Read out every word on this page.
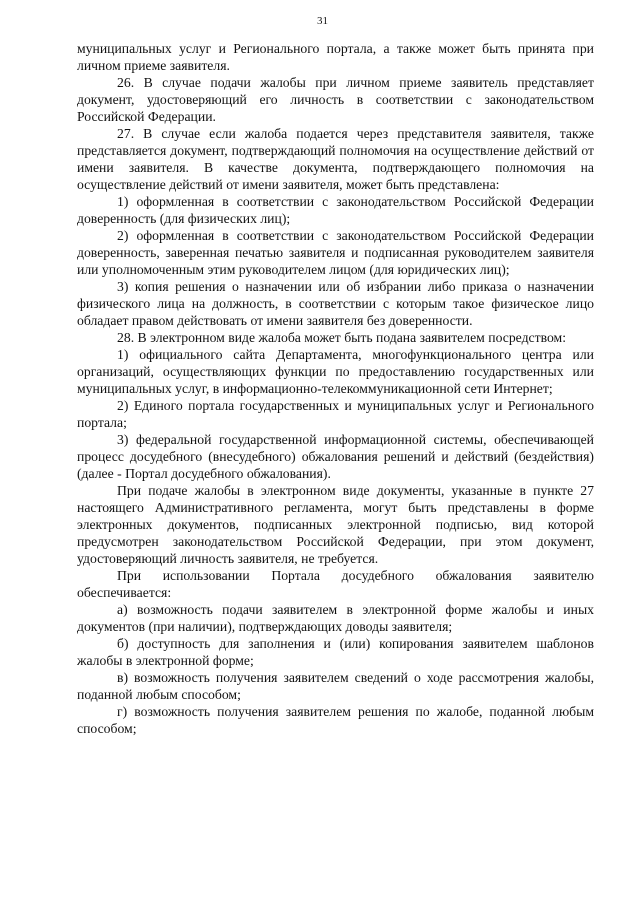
31

муниципальных услуг и Регионального портала, а также может быть принята при личном приеме заявителя.

26. В случае подачи жалобы при личном приеме заявитель представляет документ, удостоверяющий его личность в соответствии с законодательством Российской Федерации.

27. В случае если жалоба подается через представителя заявителя, также представляется документ, подтверждающий полномочия на осуществление действий от имени заявителя. В качестве документа, подтверждающего полномочия на осуществление действий от имени заявителя, может быть представлена:

1) оформленная в соответствии с законодательством Российской Федерации доверенность (для физических лиц);

2) оформленная в соответствии с законодательством Российской Федерации доверенность, заверенная печатью заявителя и подписанная руководителем заявителя или уполномоченным этим руководителем лицом (для юридических лиц);

3) копия решения о назначении или об избрании либо приказа о назначении физического лица на должность, в соответствии с которым такое физическое лицо обладает правом действовать от имени заявителя без доверенности.

28. В электронном виде жалоба может быть подана заявителем посредством:

1) официального сайта Департамента, многофункционального центра или организаций, осуществляющих функции по предоставлению государственных или муниципальных услуг, в информационно-телекоммуникационной сети Интернет;

2) Единого портала государственных и муниципальных услуг и Регионального портала;

3) федеральной государственной информационной системы, обеспечивающей процесс досудебного (внесудебного) обжалования решений и действий (бездействия) (далее - Портал досудебного обжалования).

При подаче жалобы в электронном виде документы, указанные в пункте 27 настоящего Административного регламента, могут быть представлены в форме электронных документов, подписанных электронной подписью, вид которой предусмотрен законодательством Российской Федерации, при этом документ, удостоверяющий личность заявителя, не требуется.

При использовании Портала досудебного обжалования заявителю обеспечивается:

а) возможность подачи заявителем в электронной форме жалобы и иных документов (при наличии), подтверждающих доводы заявителя;

б) доступность для заполнения и (или) копирования заявителем шаблонов жалобы в электронной форме;

в) возможность получения заявителем сведений о ходе рассмотрения жалобы, поданной любым способом;

г) возможность получения заявителем решения по жалобе, поданной любым способом;
